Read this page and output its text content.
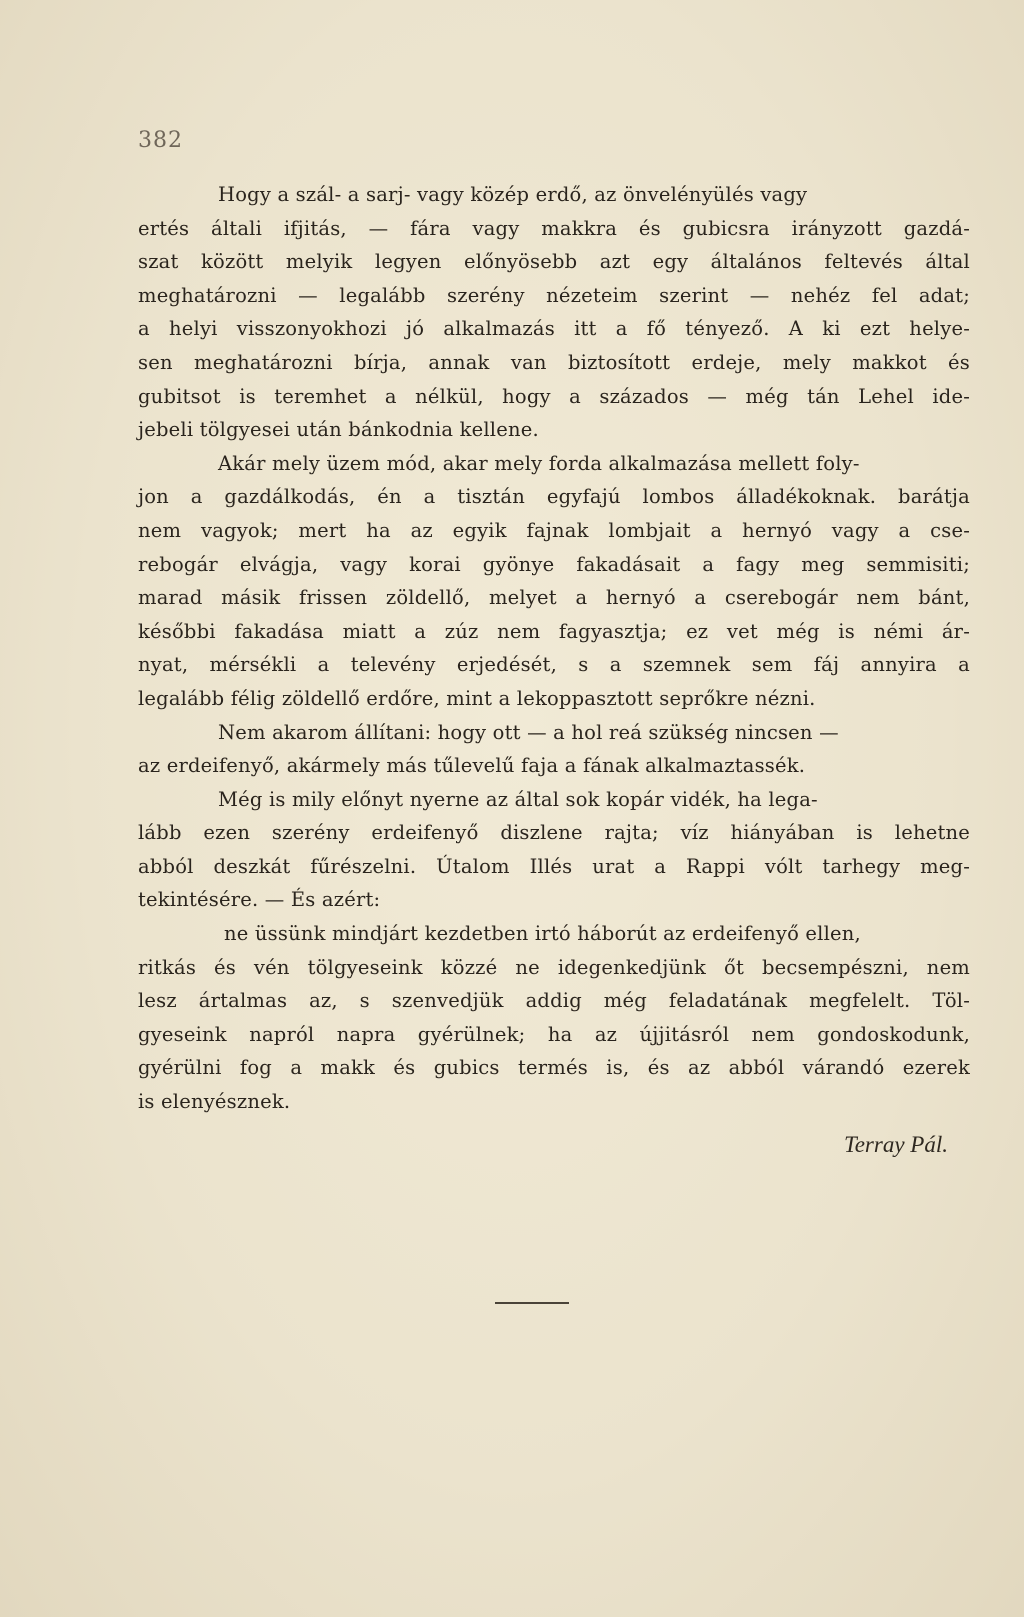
382
Hogy a szál- a sarj- vagy közép erdő, az önvelényülés vagy
ertés általi ifjitás, — fára vagy makkra és gubicsra irányzott gazdá-
szat között melyik legyen előnyösebb azt egy általános feltevés által
meghatározni — legalább szerény nézeteim szerint — nehéz fel adat;
a helyi visszonyokhozi jó alkalmazás itt a fő tényező. A ki ezt helye-
sen meghatározni bírja, annak van biztosított erdeje, mely makkot és
gubitsot is teremhet a nélkül, hogy a százados — még tán Lehel ide-
jebeli tölgyesei után bánkodnia kellene.
Akár mely üzem mód, akar mely forda alkalmazása mellett foly-
jon a gazdálkodás, én a tisztán egyfajú lombos álladékoknak. barátja
nem vagyok; mert ha az egyik fajnak lombjait a hernyó vagy a cse-
rebogár elvágja, vagy korai gyönye fakadásait a fagy meg semmisiti;
marad másik frissen zöldellő, melyet a hernyó a cserebogár nem bánt,
későbbi fakadása miatt a zúz nem fagyasztja; ez vet még is némi ár-
nyat, mérsékli a televény erjedését, s a szemnek sem fáj annyira a
legalább félig zöldellő erdőre, mint a lekoppasztott seprőkre nézni.
Nem akarom állítani: hogy ott — a hol reá szükség nincsen —
az erdeifenyő, akármely más tűlevelű faja a fának alkalmaztassék.
Még is mily előnyt nyerne az által sok kopár vidék, ha lega-
lább ezen szerény erdeifenyő diszlene rajta; víz hiányában is lehetne
abból deszkát fűrészelni. Útalom Illés urat a Rappi vólt tarhegy meg-
tekintésére. — És azért:
ne üssünk mindjárt kezdetben irtó háborút az erdeifenyő ellen,
ritkás és vén tölgyeseink közzé ne idegenkedjünk őt becsempészni, nem
lesz ártalmas az, s szenvedjük addig még feladatának megfelelt. Töl-
gyeseink napról napra gyérülnek; ha az újjitásról nem gondoskodunk,
gyérülni fog a makk és gubics termés is, és az abból várandó ezerek
is elenyésznek.
Terray Pál.
